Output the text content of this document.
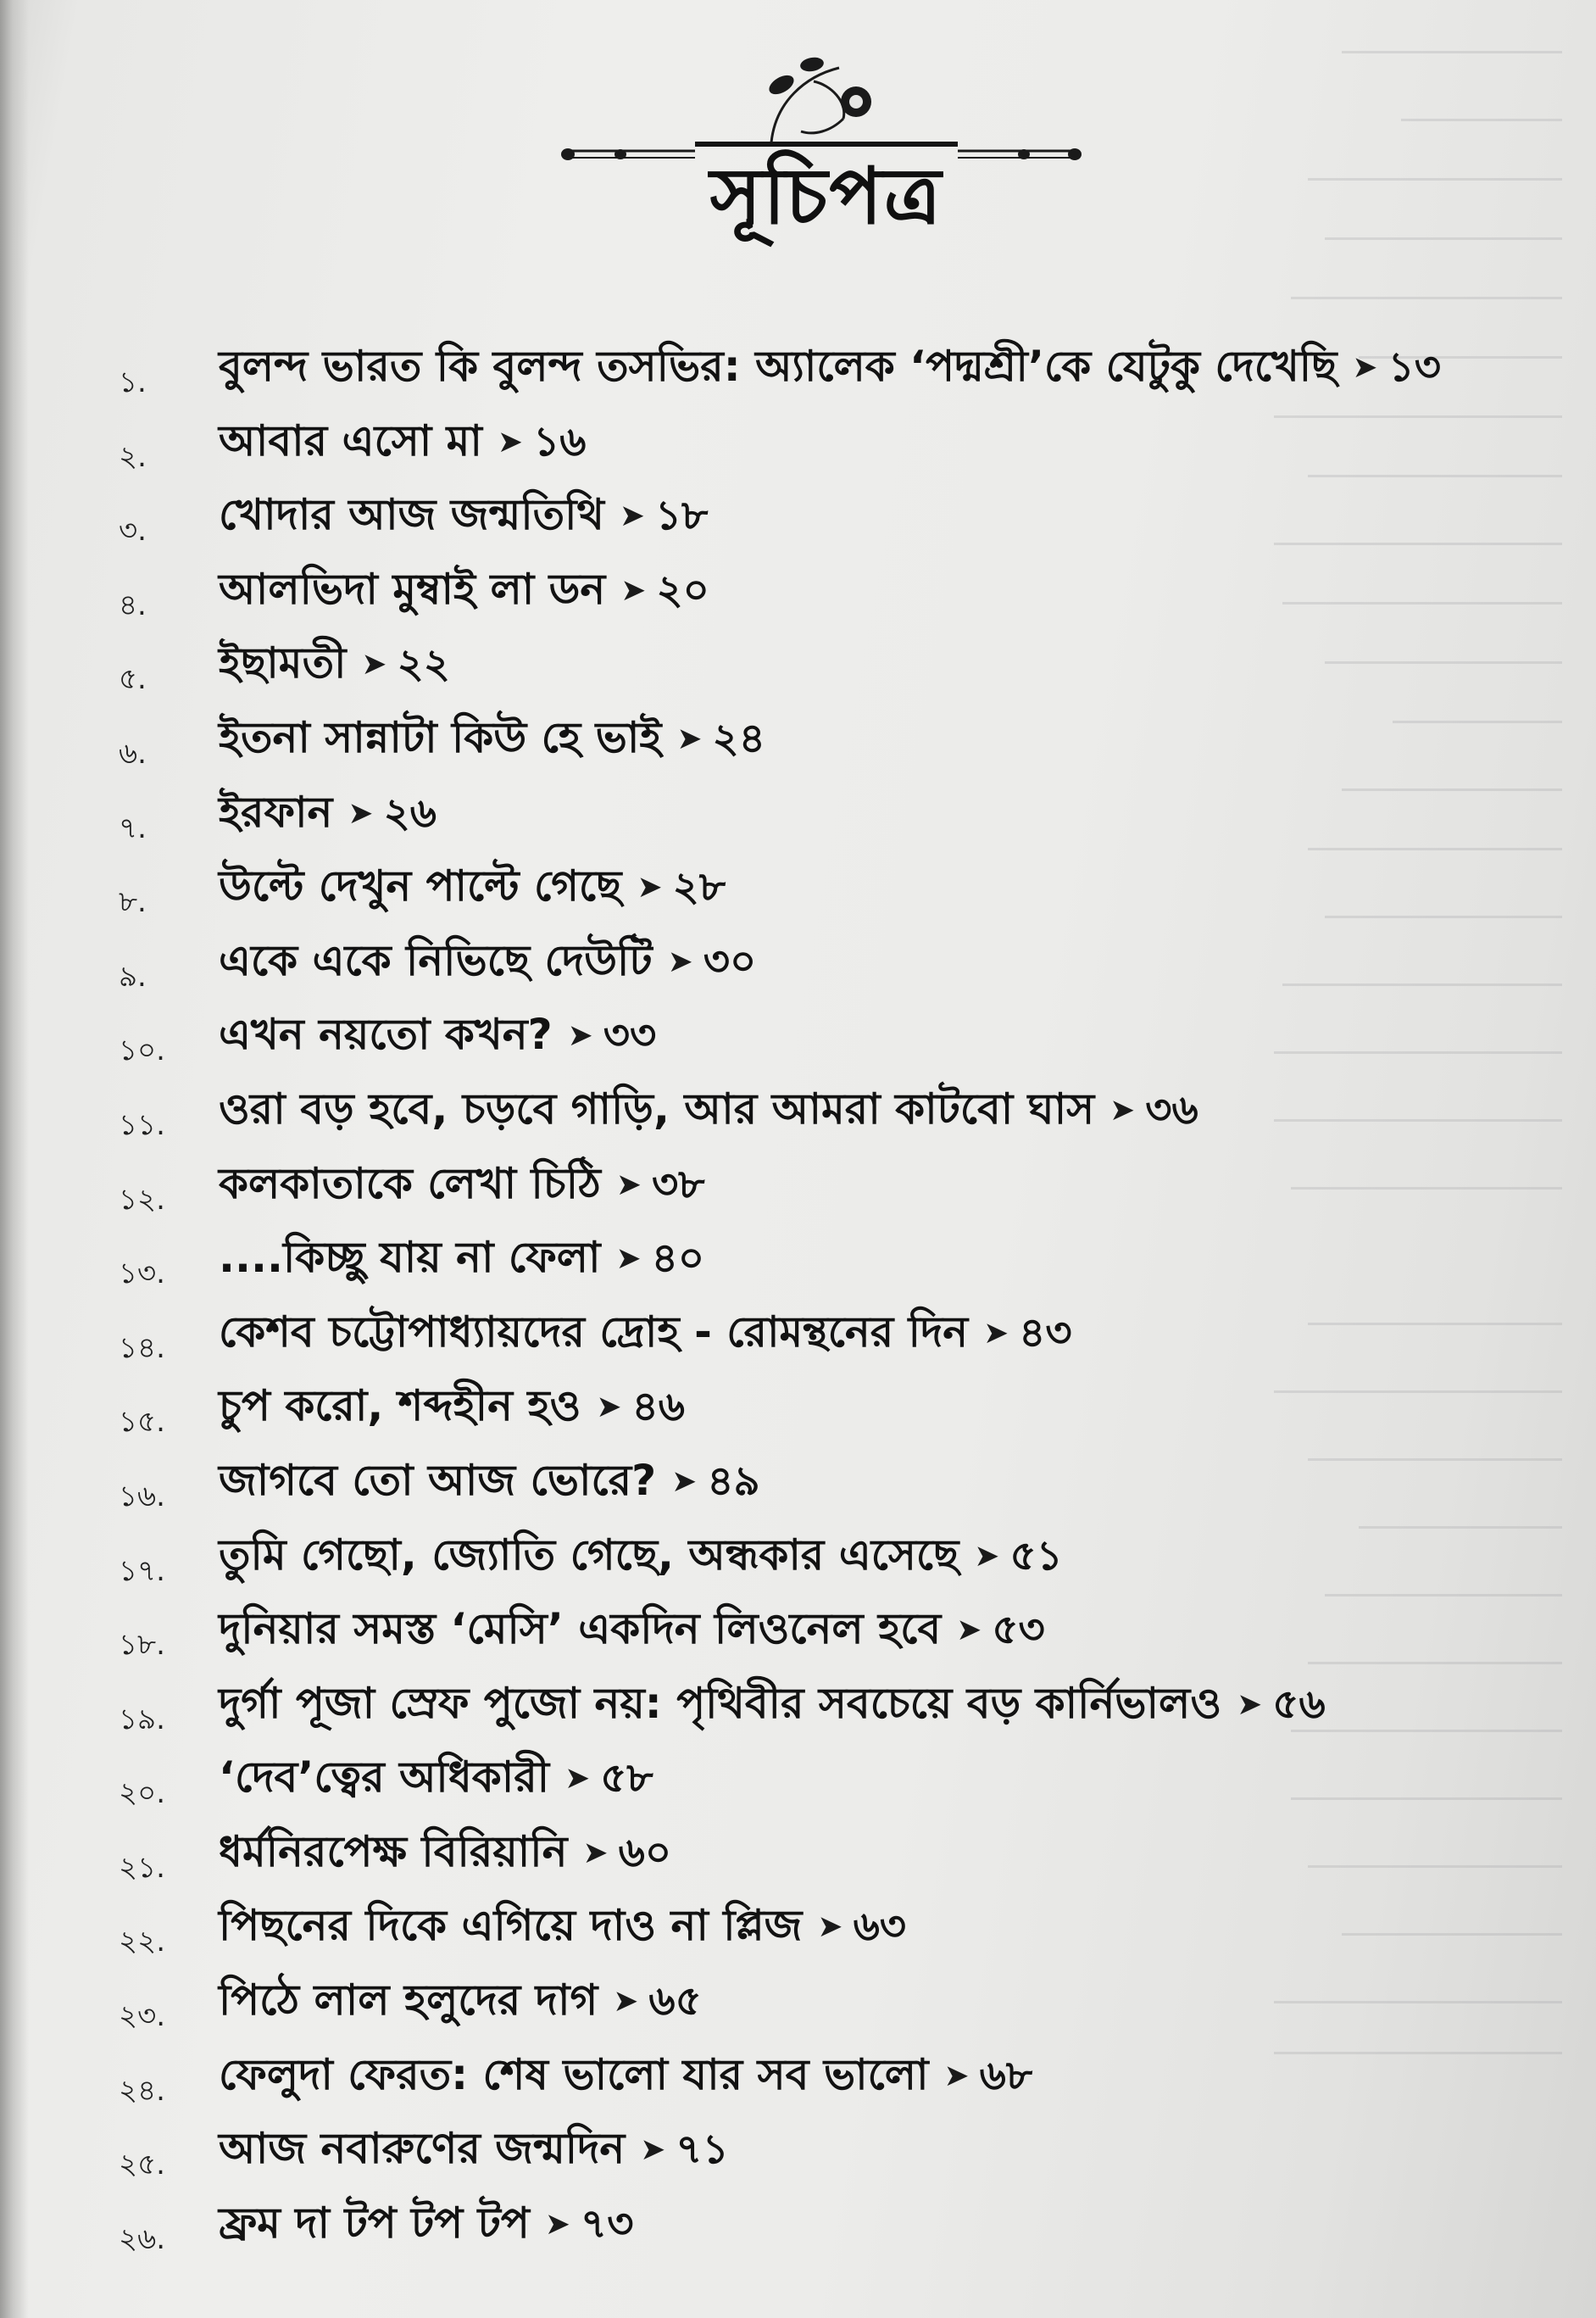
সূচিপত্র
১.	বুলন্দ ভারত কি বুলন্দ তসভির: অ্যালেক ‘পদ্মশ্রী’কে যেটুকু দেখেছি ➤ ১৩
২.	আবার এসো মা ➤ ১৬
৩.	খোদার আজ জন্মতিথি ➤ ১৮
৪.	আলভিদা মুম্বাই লা ডন ➤ ২০
৫.	ইছামতী ➤ ২২
৬.	ইতনা সান্নাটা কিউ হে ভাই ➤ ২৪
৭.	ইরফান ➤ ২৬
৮.	উল্টে দেখুন পাল্টে গেছে ➤ ২৮
৯.	একে একে নিভিছে দেউটি ➤ ৩০
১০.	এখন নয়তো কখন? ➤ ৩৩
১১.	ওরা বড় হবে, চড়বে গাড়ি, আর আমরা কাটবো ঘাস ➤ ৩৬
১২.	কলকাতাকে লেখা চিঠি ➤ ৩৮
১৩.	....কিচ্ছু যায় না ফেলা ➤ ৪০
১৪.	কেশব চট্টোপাধ্যায়দের দ্রোহ - রোমন্থনের দিন ➤ ৪৩
১৫.	চুপ করো, শব্দহীন হও ➤ ৪৬
১৬.	জাগবে তো আজ ভোরে? ➤ ৪৯
১৭.	তুমি গেছো, জ্যোতি গেছে, অন্ধকার এসেছে ➤ ৫১
১৮.	দুনিয়ার সমস্ত ‘মেসি’ একদিন লিওনেল হবে ➤ ৫৩
১৯.	দুর্গা পূজা স্রেফ পুজো নয়: পৃথিবীর সবচেয়ে বড় কার্নিভালও ➤ ৫৬
২০.	‘দেব’ত্বের অধিকারী ➤ ৫৮
২১.	ধর্মনিরপেক্ষ বিরিয়ানি ➤ ৬০
২২.	পিছনের দিকে এগিয়ে দাও না প্লিজ ➤ ৬৩
২৩.	পিঠে লাল হলুদের দাগ ➤ ৬৫
২৪.	ফেলুদা ফেরত: শেষ ভালো যার সব ভালো ➤ ৬৮
২৫.	আজ নবারুণের জন্মদিন ➤ ৭১
২৬.	ফ্রম দা টপ টপ টপ ➤ ৭৩
